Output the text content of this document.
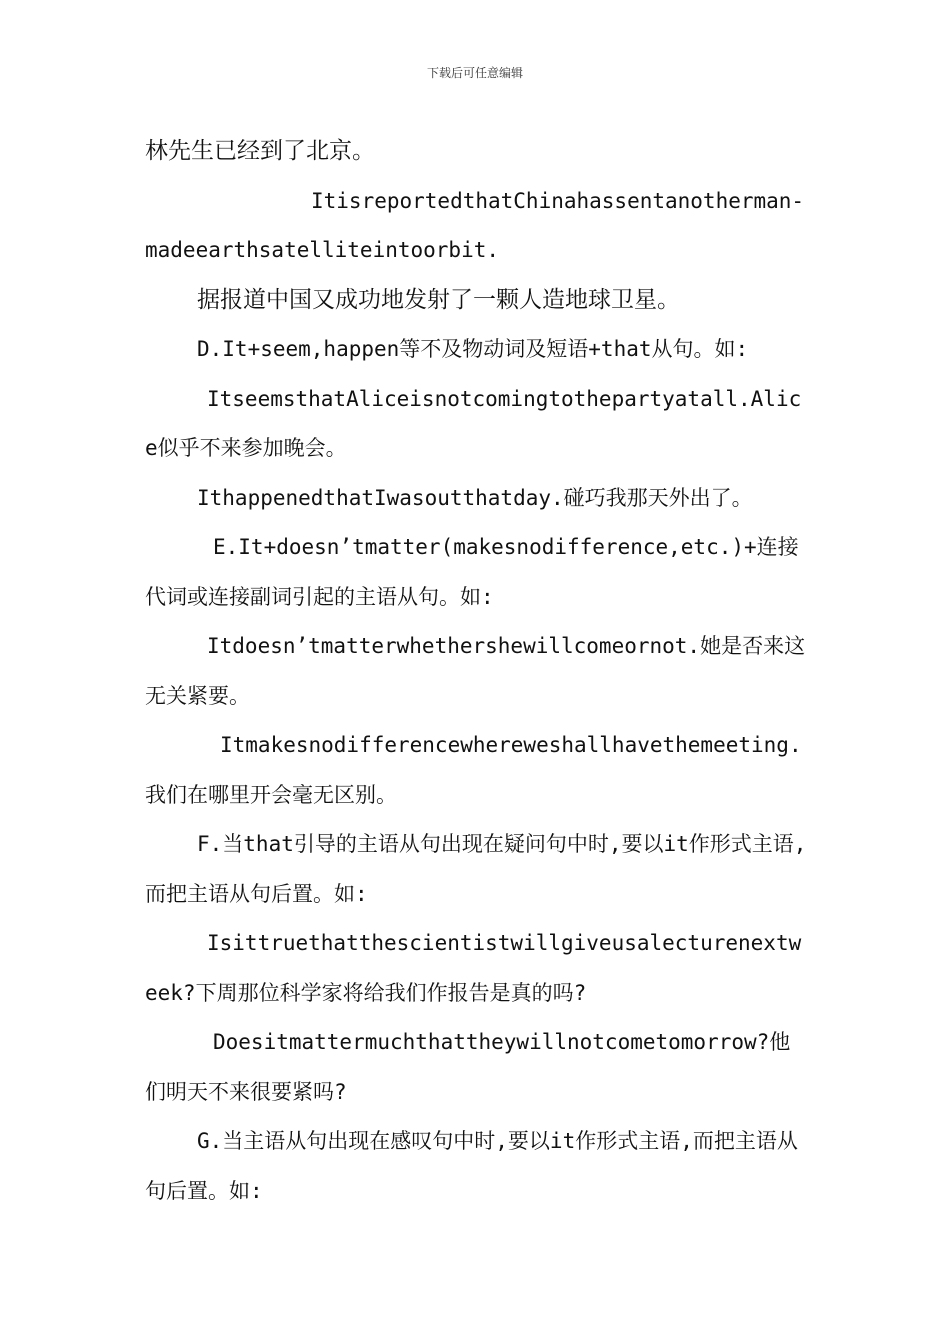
下载后可任意编辑

林先生已经到了北京。

ItisreportedthatChinahassentanotherman-madeearthsatelliteintoorbit.

据报道中国又成功地发射了一颗人造地球卫星。

D.It+seem,happen等不及物动词及短语+that从句。如:

ItseemsthatAliceisnotcomingtothepartyatall.Alice似乎不来参加晚会。

IthappenedthatIwasoutthatday.碰巧我那天外出了。

E.It+doesn’tmatter(makesnodifference,etc.)+连接代词或连接副词引起的主语从句。如:

Itdoesn’tmatterwhethershewillcomeornot.她是否来这无关紧要。

Itmakesnodifferencewhereweshallhavethemeeting.我们在哪里开会毫无区别。

F.当that引导的主语从句出现在疑问句中时,要以it作形式主语,而把主语从句后置。如:

Isittruethatthescientistwillgiveusalecturenextweek?下周那位科学家将给我们作报告是真的吗?

Doesitmattermuchthattheywillnotcometomorrow?他们明天不来很要紧吗?

G.当主语从句出现在感叹句中时,要以it作形式主语,而把主语从句后置。如:
